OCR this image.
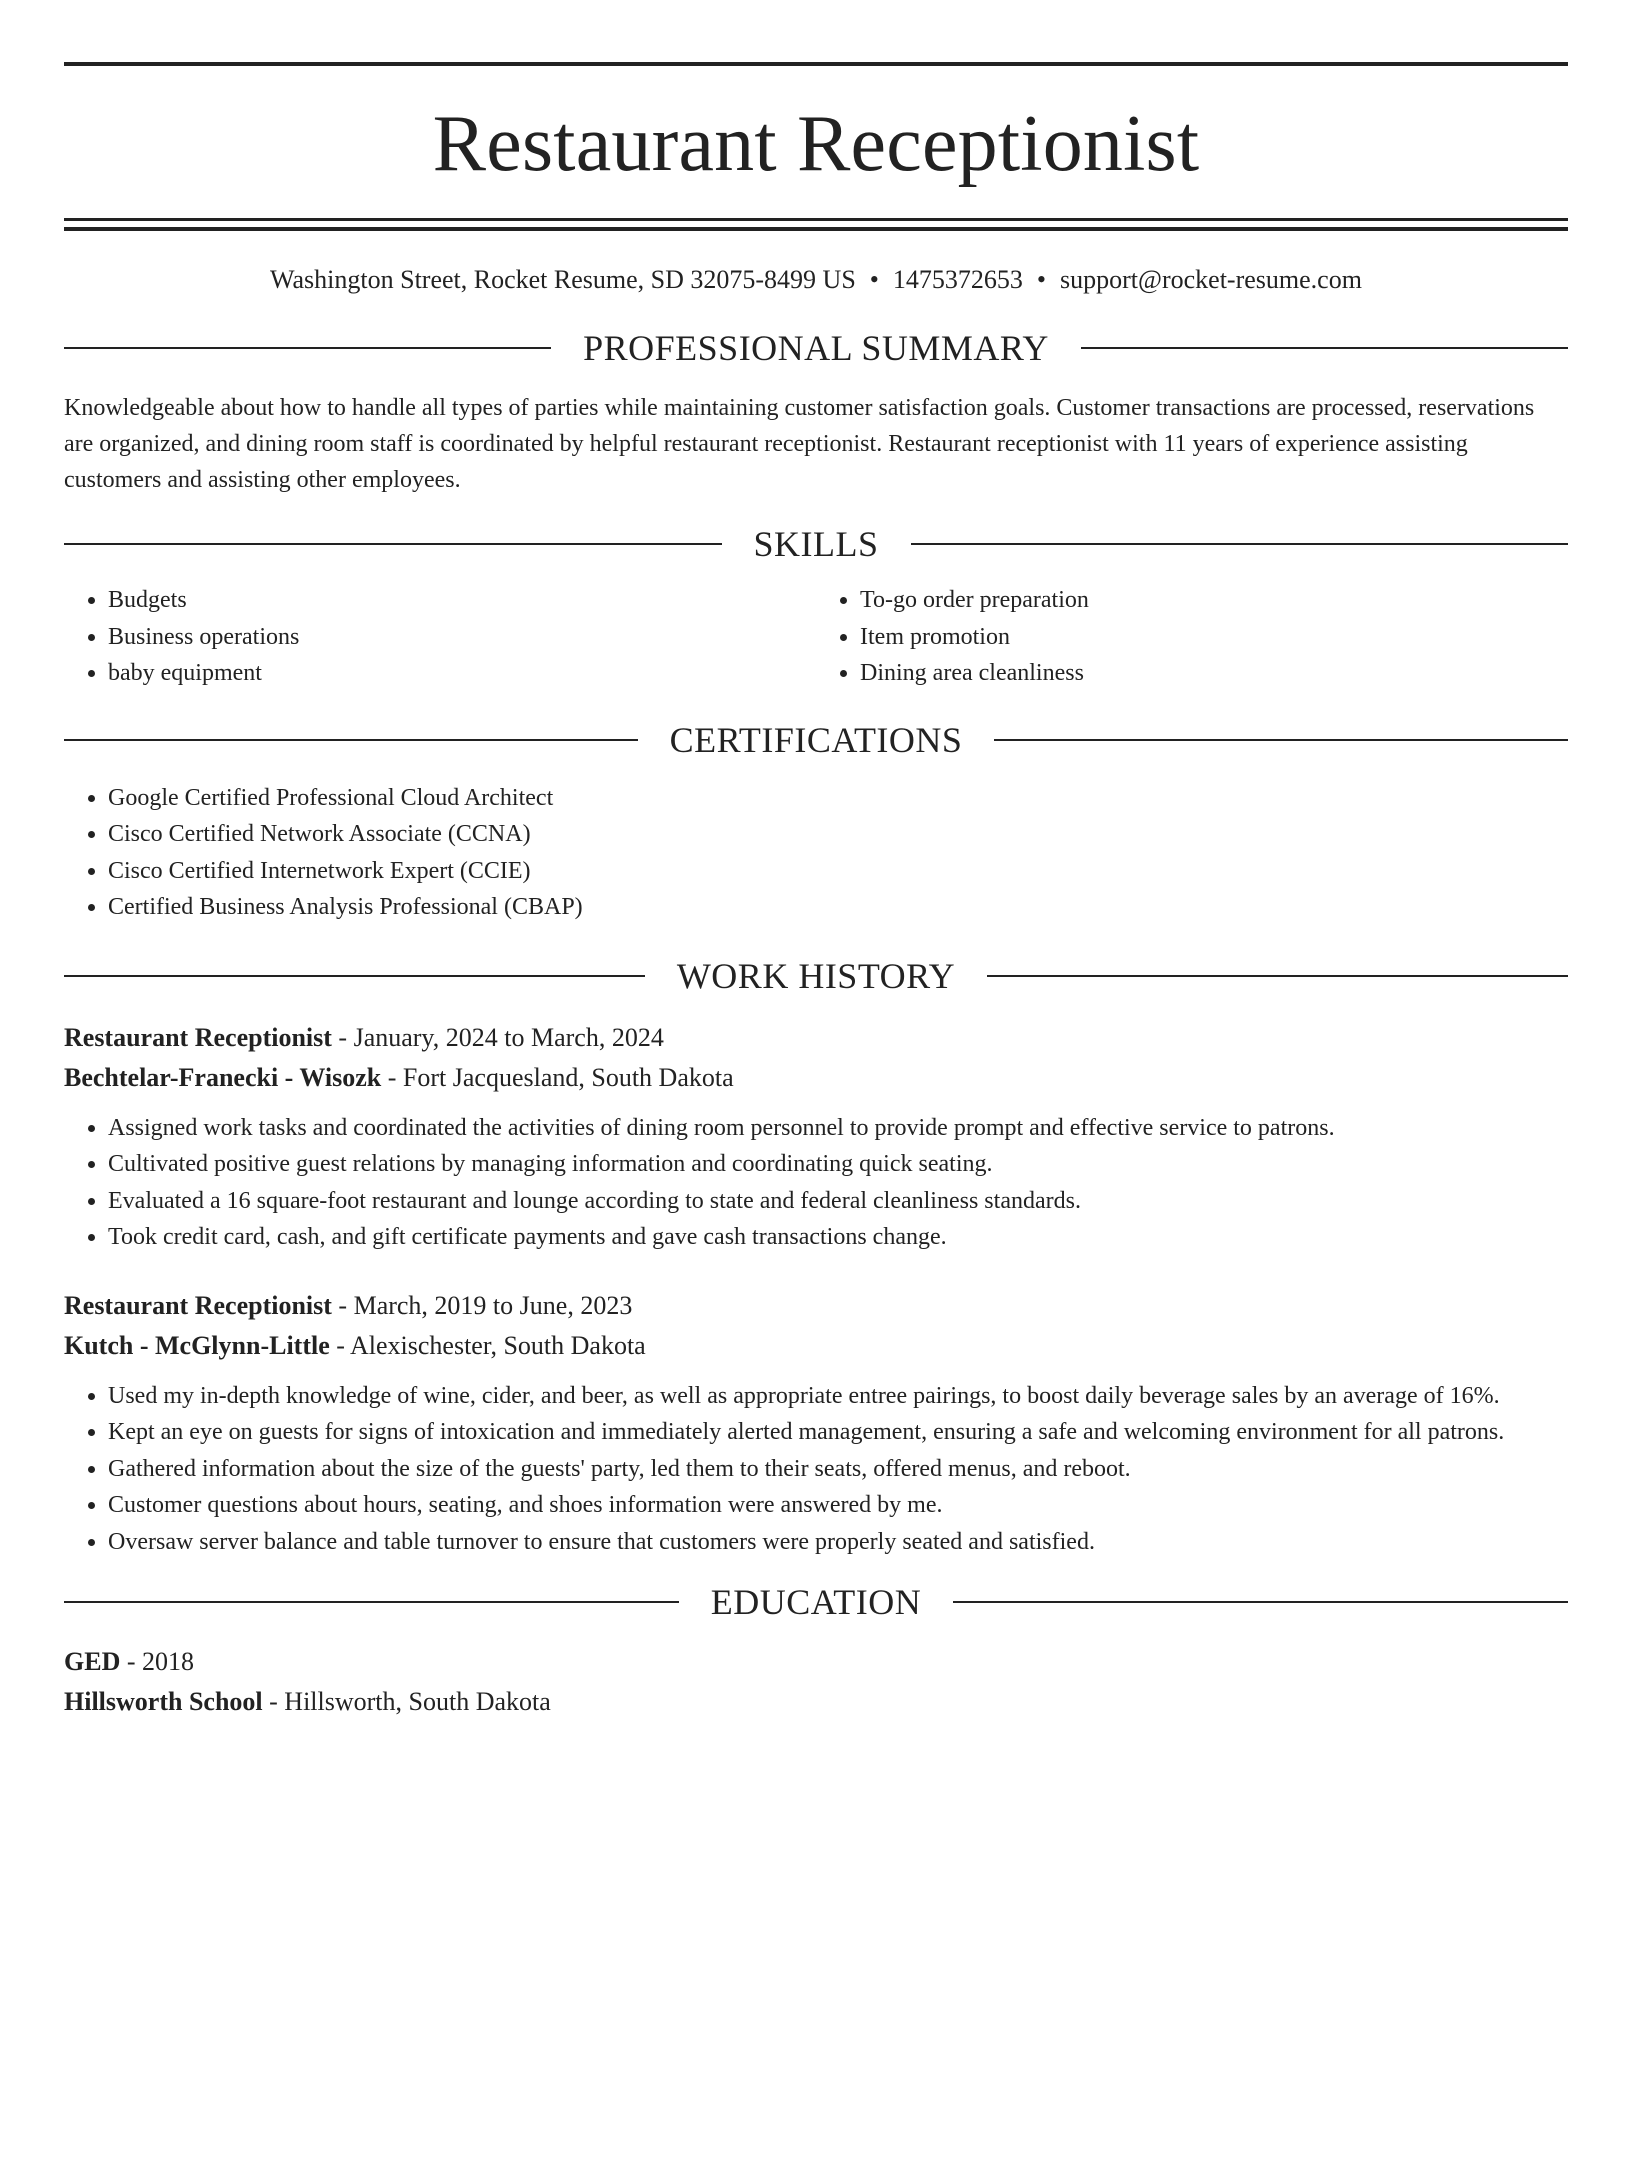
Restaurant Receptionist
Washington Street, Rocket Resume, SD 32075-8499 US • 1475372653 • support@rocket-resume.com
PROFESSIONAL SUMMARY
Knowledgeable about how to handle all types of parties while maintaining customer satisfaction goals. Customer transactions are processed, reservations are organized, and dining room staff is coordinated by helpful restaurant receptionist. Restaurant receptionist with 11 years of experience assisting customers and assisting other employees.
SKILLS
• Budgets
• Business operations
• baby equipment
• To-go order preparation
• Item promotion
• Dining area cleanliness
CERTIFICATIONS
• Google Certified Professional Cloud Architect
• Cisco Certified Network Associate (CCNA)
• Cisco Certified Internetwork Expert (CCIE)
• Certified Business Analysis Professional (CBAP)
WORK HISTORY
Restaurant Receptionist - January, 2024 to March, 2024
Bechtelar-Franecki - Wisozk - Fort Jacquesland, South Dakota
• Assigned work tasks and coordinated the activities of dining room personnel to provide prompt and effective service to patrons.
• Cultivated positive guest relations by managing information and coordinating quick seating.
• Evaluated a 16 square-foot restaurant and lounge according to state and federal cleanliness standards.
• Took credit card, cash, and gift certificate payments and gave cash transactions change.
Restaurant Receptionist - March, 2019 to June, 2023
Kutch - McGlynn-Little - Alexischester, South Dakota
• Used my in-depth knowledge of wine, cider, and beer, as well as appropriate entree pairings, to boost daily beverage sales by an average of 16%.
• Kept an eye on guests for signs of intoxication and immediately alerted management, ensuring a safe and welcoming environment for all patrons.
• Gathered information about the size of the guests' party, led them to their seats, offered menus, and reboot.
• Customer questions about hours, seating, and shoes information were answered by me.
• Oversaw server balance and table turnover to ensure that customers were properly seated and satisfied.
EDUCATION
GED - 2018
Hillsworth School - Hillsworth, South Dakota
